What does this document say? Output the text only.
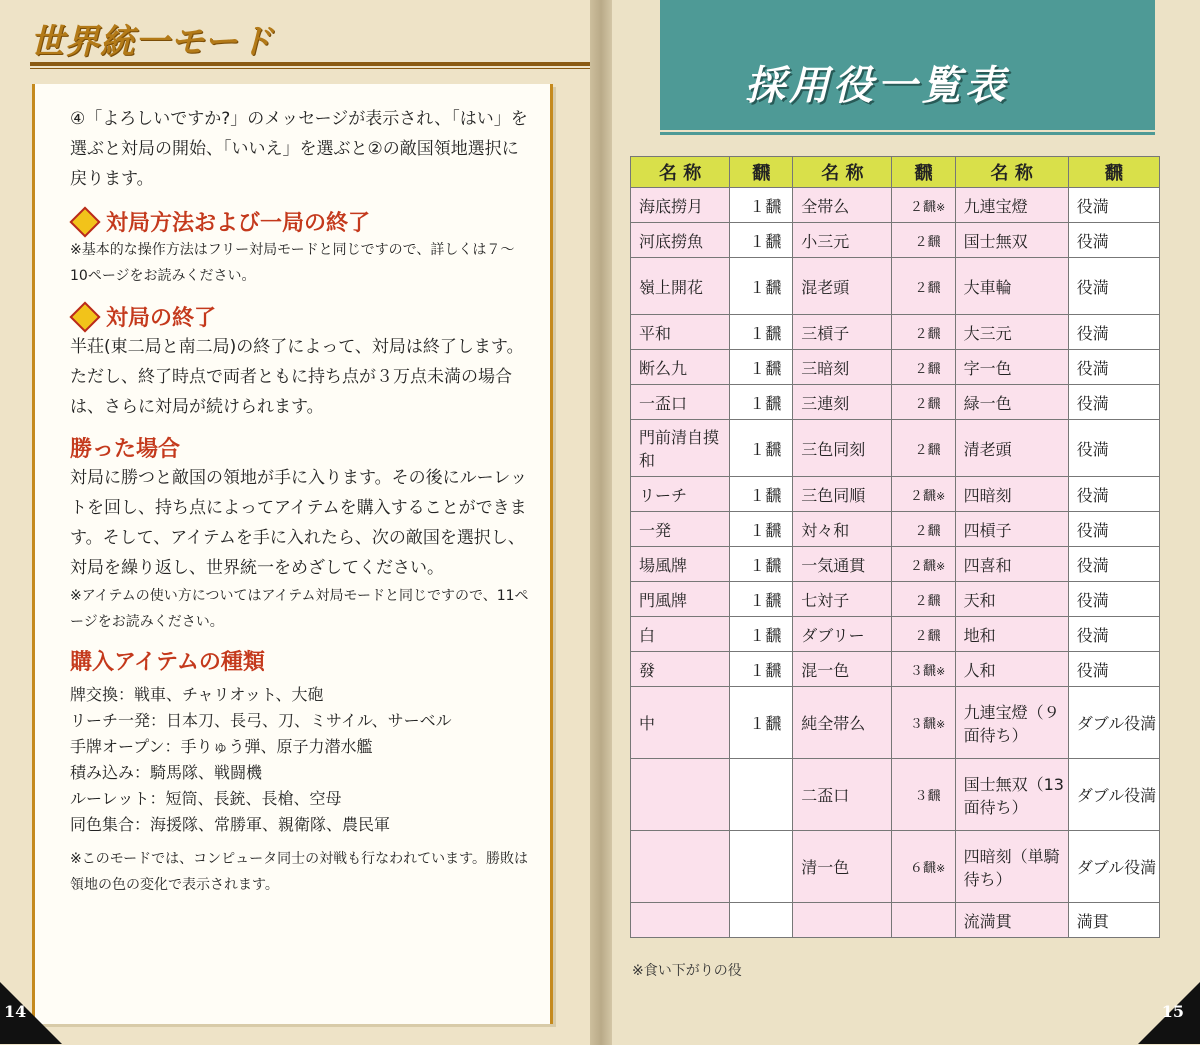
世界統一モード

④「よろしいですか?」のメッセージが表示され、「はい」を選ぶと対局の開始、「いいえ」を選ぶと②の敵国領地選択に戻ります。

対局方法および一局の終了

※基本的な操作方法はフリー対局モードと同じですので、詳しくは７～10ページをお読みください。

対局の終了

半荘(東二局と南二局)の終了によって、対局は終了します。ただし、終了時点で両者ともに持ち点が３万点未満の場合は、さらに対局が続けられます。

勝った場合

対局に勝つと敵国の領地が手に入ります。その後にルーレットを回し、持ち点によってアイテムを購入することができます。そして、アイテムを手に入れたら、次の敵国を選択し、対局を繰り返し、世界統一をめざしてください。

※アイテムの使い方についてはアイテム対局モードと同じですので、11ページをお読みください。

購入アイテムの種類
牌交換：戦車、チャリオット、大砲
リーチ一発：日本刀、長弓、刀、ミサイル、サーベル
手牌オープン：手りゅう弾、原子力潜水艦
積み込み：騎馬隊、戦闘機
ルーレット：短筒、長銃、長槍、空母
同色集合：海援隊、常勝軍、親衛隊、農民軍

※このモードでは、コンピュータ同士の対戦も行なわれています。勝敗は領地の色の変化で表示されます。

14
採用役一覧表
名 称	飜	名 称	飜	名 称	飜
海底撈月	１飜	全帯么	２飜※	九連宝燈	役満
河底撈魚	１飜	小三元	２飜	国士無双	役満
嶺上開花	１飜	混老頭	２飜	大車輪	役満
平和	１飜	三槓子	２飜	大三元	役満
断么九	１飜	三暗刻	２飜	字一色	役満
一盃口	１飜	三連刻	２飜	緑一色	役満
門前清自摸和	１飜	三色同刻	２飜	清老頭	役満
リーチ	１飜	三色同順	２飜※	四暗刻	役満
一発	１飜	対々和	２飜	四槓子	役満
場風牌	１飜	一気通貫	２飜※	四喜和	役満
門風牌	１飜	七対子	２飜	天和	役満
白	１飜	ダブリー	２飜	地和	役満
發	１飜	混一色	３飜※	人和	役満
中	１飜	純全帯么	３飜※	九連宝燈（９面待ち）	ダブル役満
		二盃口	３飜	国士無双（13面待ち）	ダブル役満
		清一色	６飜※	四暗刻（単騎待ち）	ダブル役満
				流満貫	満貫
※食い下がりの役
15
